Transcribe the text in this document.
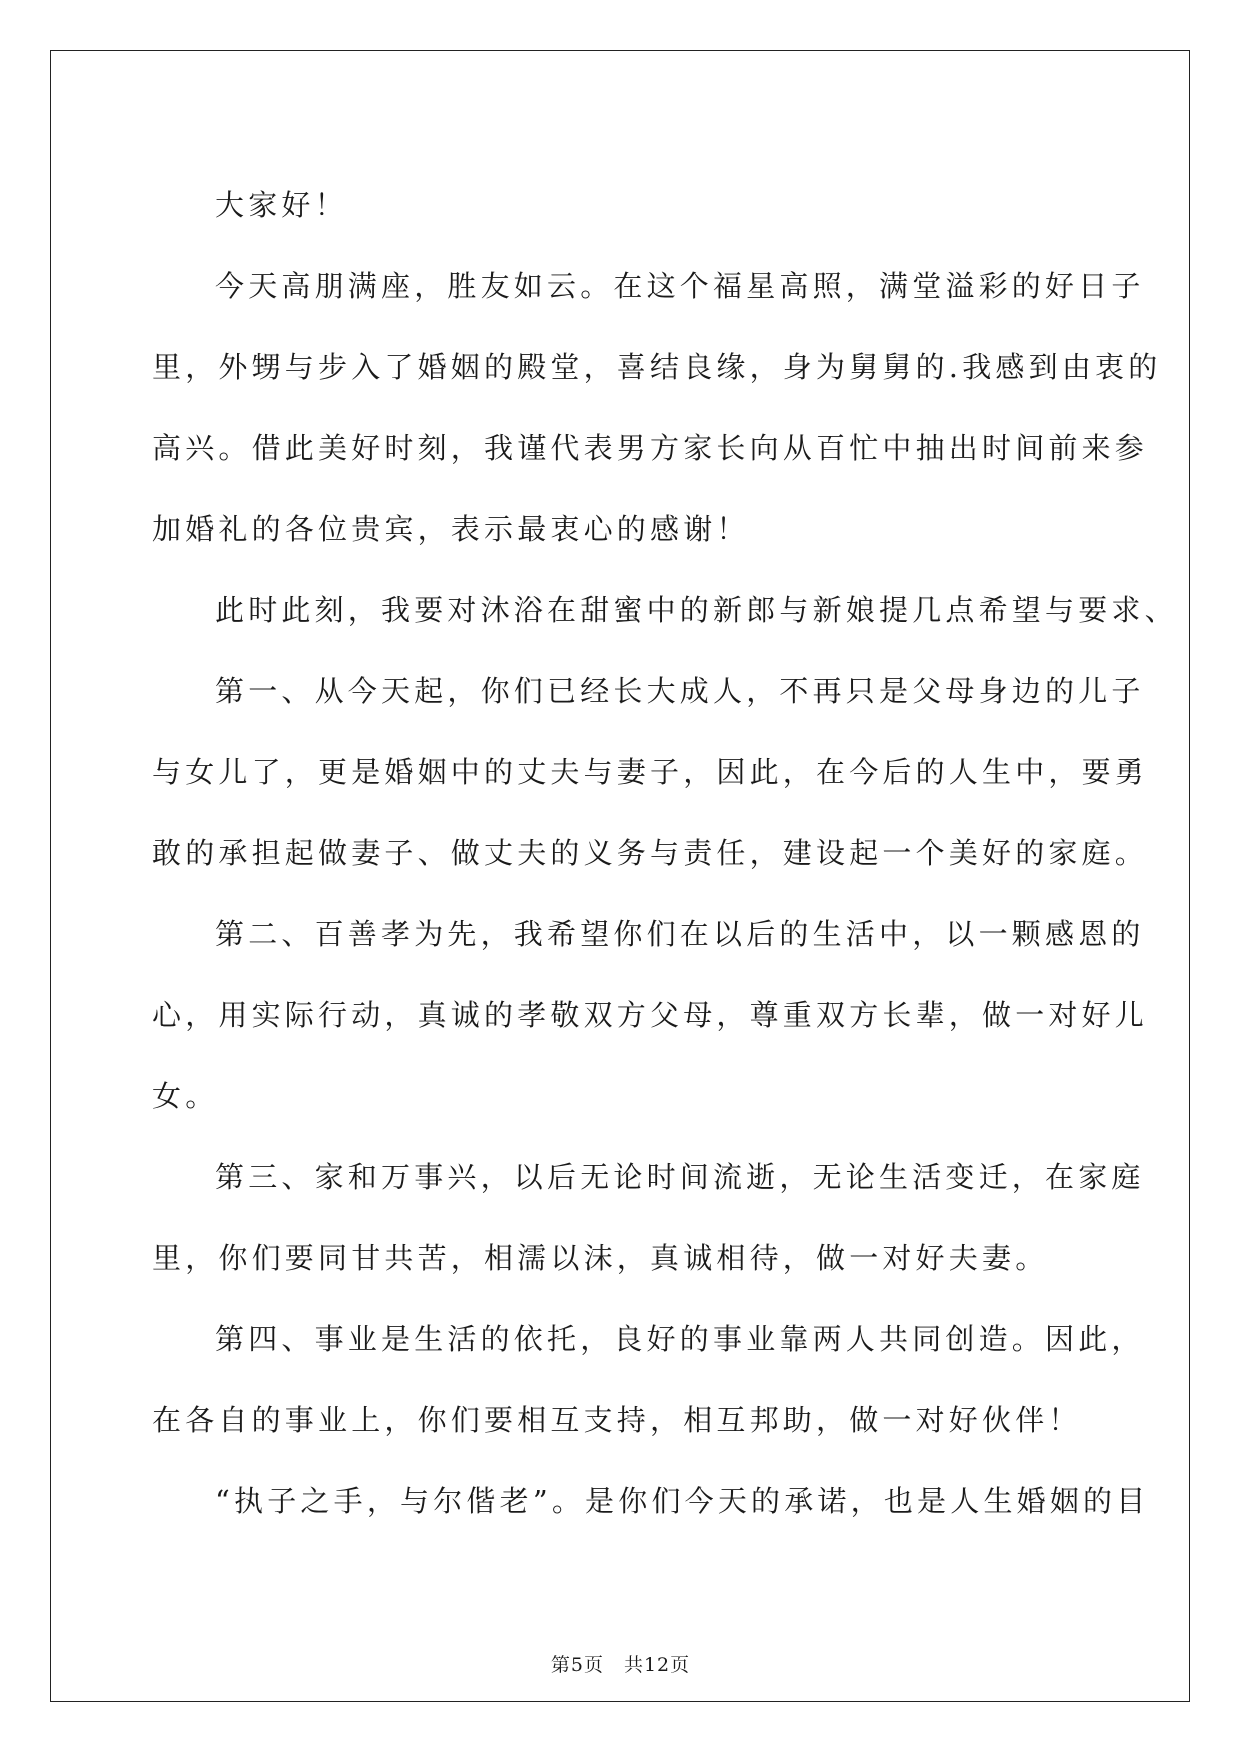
大家好！

今天高朋满座，胜友如云。在这个福星高照，满堂溢彩的好日子

里，外甥与步入了婚姻的殿堂，喜结良缘，身为舅舅的.我感到由衷的

高兴。借此美好时刻，我谨代表男方家长向从百忙中抽出时间前来参

加婚礼的各位贵宾，表示最衷心的感谢！

此时此刻，我要对沐浴在甜蜜中的新郎与新娘提几点希望与要求、

第一、从今天起，你们已经长大成人，不再只是父母身边的儿子

与女儿了，更是婚姻中的丈夫与妻子，因此，在今后的人生中，要勇

敢的承担起做妻子、做丈夫的义务与责任，建设起一个美好的家庭。

第二、百善孝为先，我希望你们在以后的生活中，以一颗感恩的

心，用实际行动，真诚的孝敬双方父母，尊重双方长辈，做一对好儿

女。

第三、家和万事兴，以后无论时间流逝，无论生活变迁，在家庭

里，你们要同甘共苦，相濡以沫，真诚相待，做一对好夫妻。

第四、事业是生活的依托，良好的事业靠两人共同创造。因此，

在各自的事业上，你们要相互支持，相互邦助，做一对好伙伴！

“执子之手，与尔偕老”。是你们今天的承诺，也是人生婚姻的目

第5页　共12页
